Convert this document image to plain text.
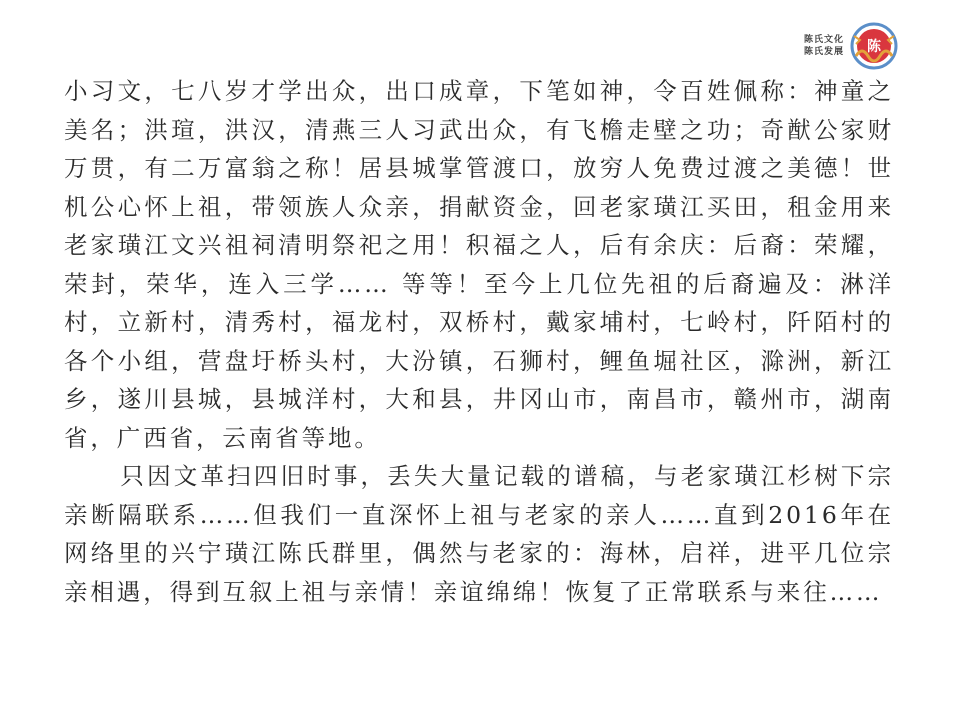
陈氏文化
陈氏发展 陈

小习文，七八岁才学出众，出口成章，下笔如神，令百姓佩称：神童之美名；洪瑄，洪汉，清燕三人习武出众，有飞檐走壁之功；奇猷公家财万贯，有二万富翁之称！居县城掌管渡口，放穷人免费过渡之美德！世机公心怀上祖，带领族人众亲，捐献资金，回老家璜江买田，租金用来老家璜江文兴祖祠清明祭祀之用！积福之人，后有余庆：后裔：荣耀，荣封，荣华，连入三学…… 等等！至今上几位先祖的后裔遍及：淋洋村，立新村，清秀村，福龙村，双桥村，戴家埔村，七岭村，阡陌村的各个小组，营盘圩桥头村，大汾镇，石狮村，鲤鱼堀社区，滁洲，新江乡，遂川县城，县城洋村，大和县，井冈山市，南昌市，赣州市，湖南省，广西省，云南省等地。

只因文革扫四旧时事，丢失大量记载的谱稿，与老家璜江杉树下宗亲断隔联系……但我们一直深怀上祖与老家的亲人……直到2016年在网络里的兴宁璜江陈氏群里，偶然与老家的：海林，启祥，进平几位宗亲相遇，得到互叙上祖与亲情！亲谊绵绵！恢复了正常联系与来往……
